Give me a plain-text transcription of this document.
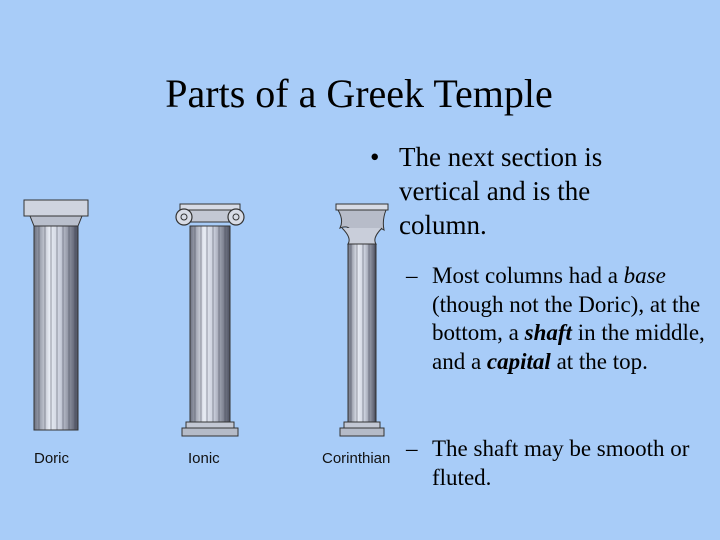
Parts of a Greek Temple
Doric	Ionic	Corinthian
• The next section is vertical and is the column.
– Most columns had a base (though not the Doric), at the bottom, a shaft in the middle, and a capital at the top.
– The shaft may be smooth or fluted.
